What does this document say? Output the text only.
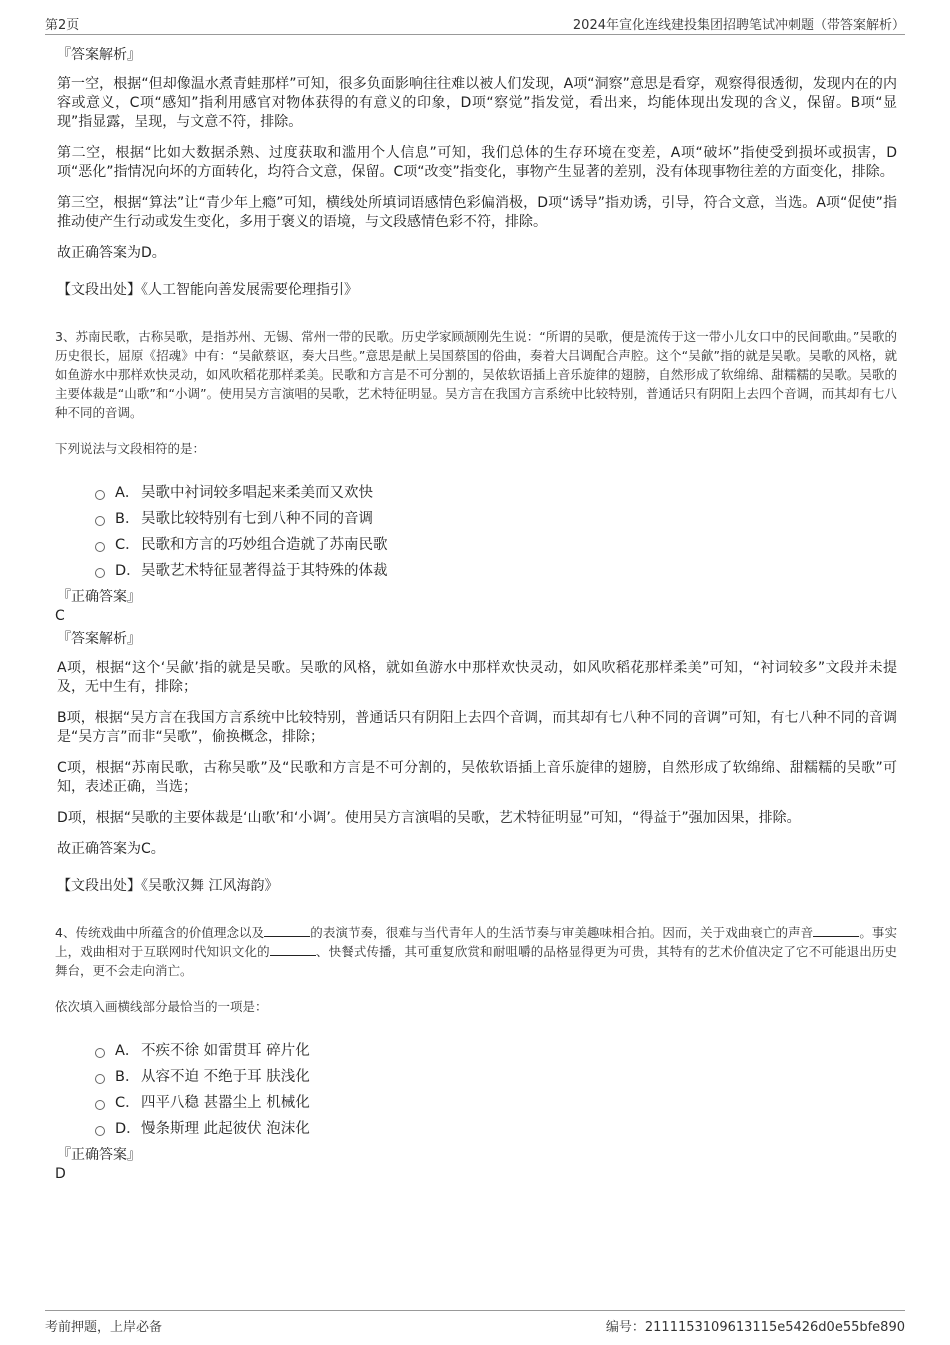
第2页	2024年宣化连线建投集团招聘笔试冲刺题（带答案解析）
『答案解析』
第一空，根据“但却像温水煮青蛙那样”可知，很多负面影响往往难以被人们发现，A项“洞察”意思是看穿，观察得很透彻，发现内在的内容或意义，C项“感知”指利用感官对物体获得的有意义的印象，D项“察觉”指发觉，看出来，均能体现出发现的含义，保留。B项“显现”指显露，呈现，与文意不符，排除。
第二空，根据“比如大数据杀熟、过度获取和滥用个人信息”可知，我们总体的生存环境在变差，A项“破坏”指使受到损坏或损害，D项“恶化”指情况向坏的方面转化，均符合文意，保留。C项“改变”指变化，事物产生显著的差别，没有体现事物往差的方面变化，排除。
第三空，根据“算法”让“青少年上瘾”可知，横线处所填词语感情色彩偏消极，D项“诱导”指劝诱，引导，符合文意，当选。A项“促使”指推动使产生行动或发生变化，多用于褒义的语境，与文段感情色彩不符，排除。
故正确答案为D。
【文段出处】《人工智能向善发展需要伦理指引》
3、苏南民歌，古称吴歌，是指苏州、无锡、常州一带的民歌。历史学家顾颉刚先生说：“所谓的吴歌，便是流传于这一带小儿女口中的民间歌曲。”吴歌的历史很长，屈原《招魂》中有：“吴歈蔡讴，奏大吕些。”意思是献上吴国蔡国的俗曲，奏着大吕调配合声腔。这个“吴歈”指的就是吴歌。吴歌的风格，就如鱼游水中那样欢快灵动，如风吹稻花那样柔美。民歌和方言是不可分割的，吴侬软语插上音乐旋律的翅膀，自然形成了软绵绵、甜糯糯的吴歌。吴歌的主要体裁是“山歌”和“小调”。使用吴方言演唱的吴歌，艺术特征明显。吴方言在我国方言系统中比较特别，普通话只有阴阳上去四个音调，而其却有七八种不同的音调。
下列说法与文段相符的是：
A． 吴歌中衬词较多唱起来柔美而又欢快
B． 吴歌比较特别有七到八种不同的音调
C． 民歌和方言的巧妙组合造就了苏南民歌
D． 吴歌艺术特征显著得益于其特殊的体裁
『正确答案』
C
『答案解析』
A项，根据“这个‘吴歈’指的就是吴歌。吴歌的风格，就如鱼游水中那样欢快灵动，如风吹稻花那样柔美”可知，“衬词较多”文段并未提及，无中生有，排除；
B项，根据“吴方言在我国方言系统中比较特别，普通话只有阴阳上去四个音调，而其却有七八种不同的音调”可知，有七八种不同的音调是“吴方言”而非“吴歌”，偷换概念，排除；
C项，根据“苏南民歌，古称吴歌”及“民歌和方言是不可分割的，吴侬软语插上音乐旋律的翅膀，自然形成了软绵绵、甜糯糯的吴歌”可知，表述正确，当选；
D项，根据“吴歌的主要体裁是‘山歌’和‘小调’。使用吴方言演唱的吴歌，艺术特征明显”可知，“得益于”强加因果，排除。
故正确答案为C。
【文段出处】《吴歌汉舞 江风海韵》
4、传统戏曲中所蕴含的价值理念以及	的表演节奏，很难与当代青年人的生活节奏与审美趣味相合拍。因而，关于戏曲衰亡的声音	。事实上，戏曲相对于互联网时代知识文化的	、快餐式传播，其可重复欣赏和耐咀嚼的品格显得更为可贵，其特有的艺术价值决定了它不可能退出历史舞台，更不会走向消亡。
依次填入画横线部分最恰当的一项是：
A． 不疾不徐 如雷贯耳 碎片化
B． 从容不迫 不绝于耳 肤浅化
C． 四平八稳 甚嚣尘上 机械化
D． 慢条斯理 此起彼伏 泡沫化
『正确答案』
D
考前押题，上岸必备	编号：2111153109613115e5426d0e55bfe890
